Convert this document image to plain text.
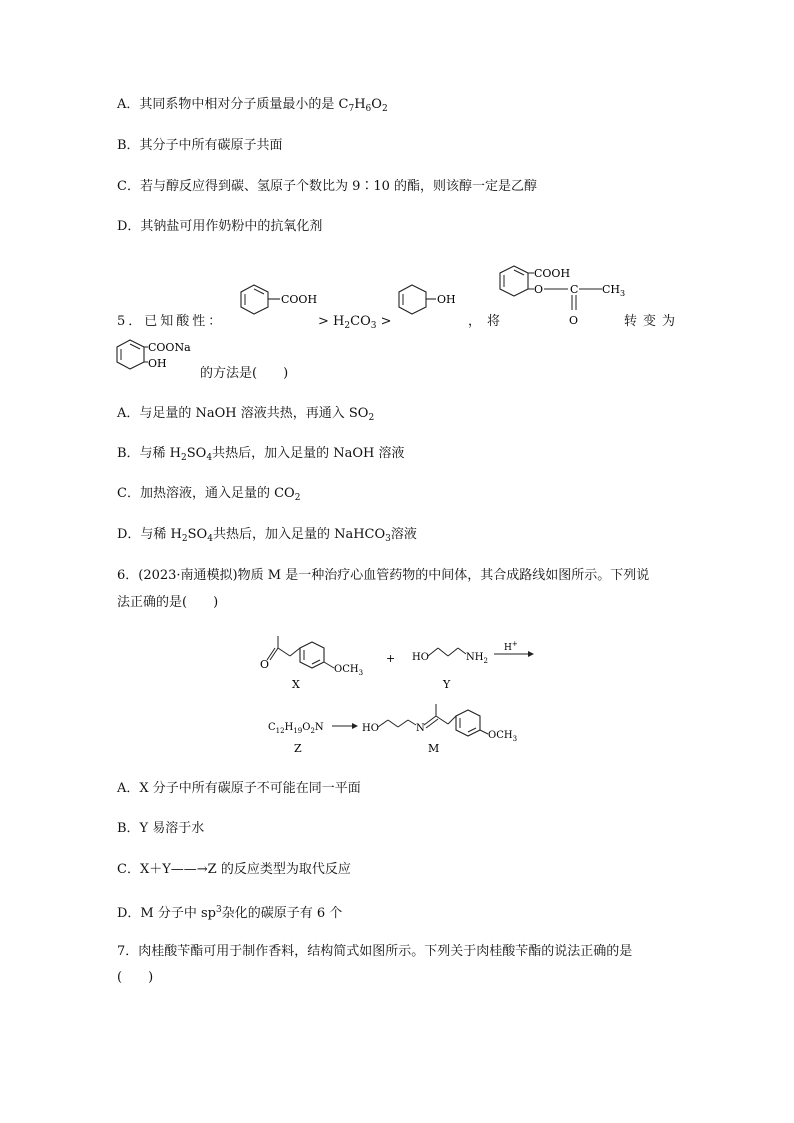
A．其同系物中相对分子质量最小的是 $C_7H_6O_2$
B．其分子中所有碳原子共面
C．若与醇反应得到碳、氢原子个数比为 9∶10 的酯，则该醇一定是乙醇
D．其钠盐可用作奶粉中的抗氧化剂
5．已知酸性：
COOH
> $H_2CO_3$ >
OH
，将
COOH
O C $CH_3$
O	转变为
COONa
OH
的方法是(　　)
A．与足量的 NaOH 溶液共热，再通入 $SO_2$
B．与稀 $H_2SO_4$共热后，加入足量的 NaOH 溶液
C．加热溶液，通入足量的 $CO_2$
D．与稀 $H_2SO_4$共热后，加入足量的 NaHCO$_3$溶液
6．(2023·南通模拟)物质 M 是一种治疗心血管药物的中间体，其合成路线如图所示。下列说
法正确的是(　　)
O	$OCH_3$
X
+ HO	$NH_2$
Y
H+
$C_{12}H_{19}O_2N$
Z
HO	N
$OCH_3$
M
A．X 分子中所有碳原子不可能在同一平面
B．Y 易溶于水
C．X＋Y——→Z 的反应类型为取代反应
D．M 分子中 $sp^3$杂化的碳原子有 6 个
7．肉桂酸苄酯可用于制作香料，结构简式如图所示。下列关于肉桂酸苄酯的说法正确的是
(　　)
